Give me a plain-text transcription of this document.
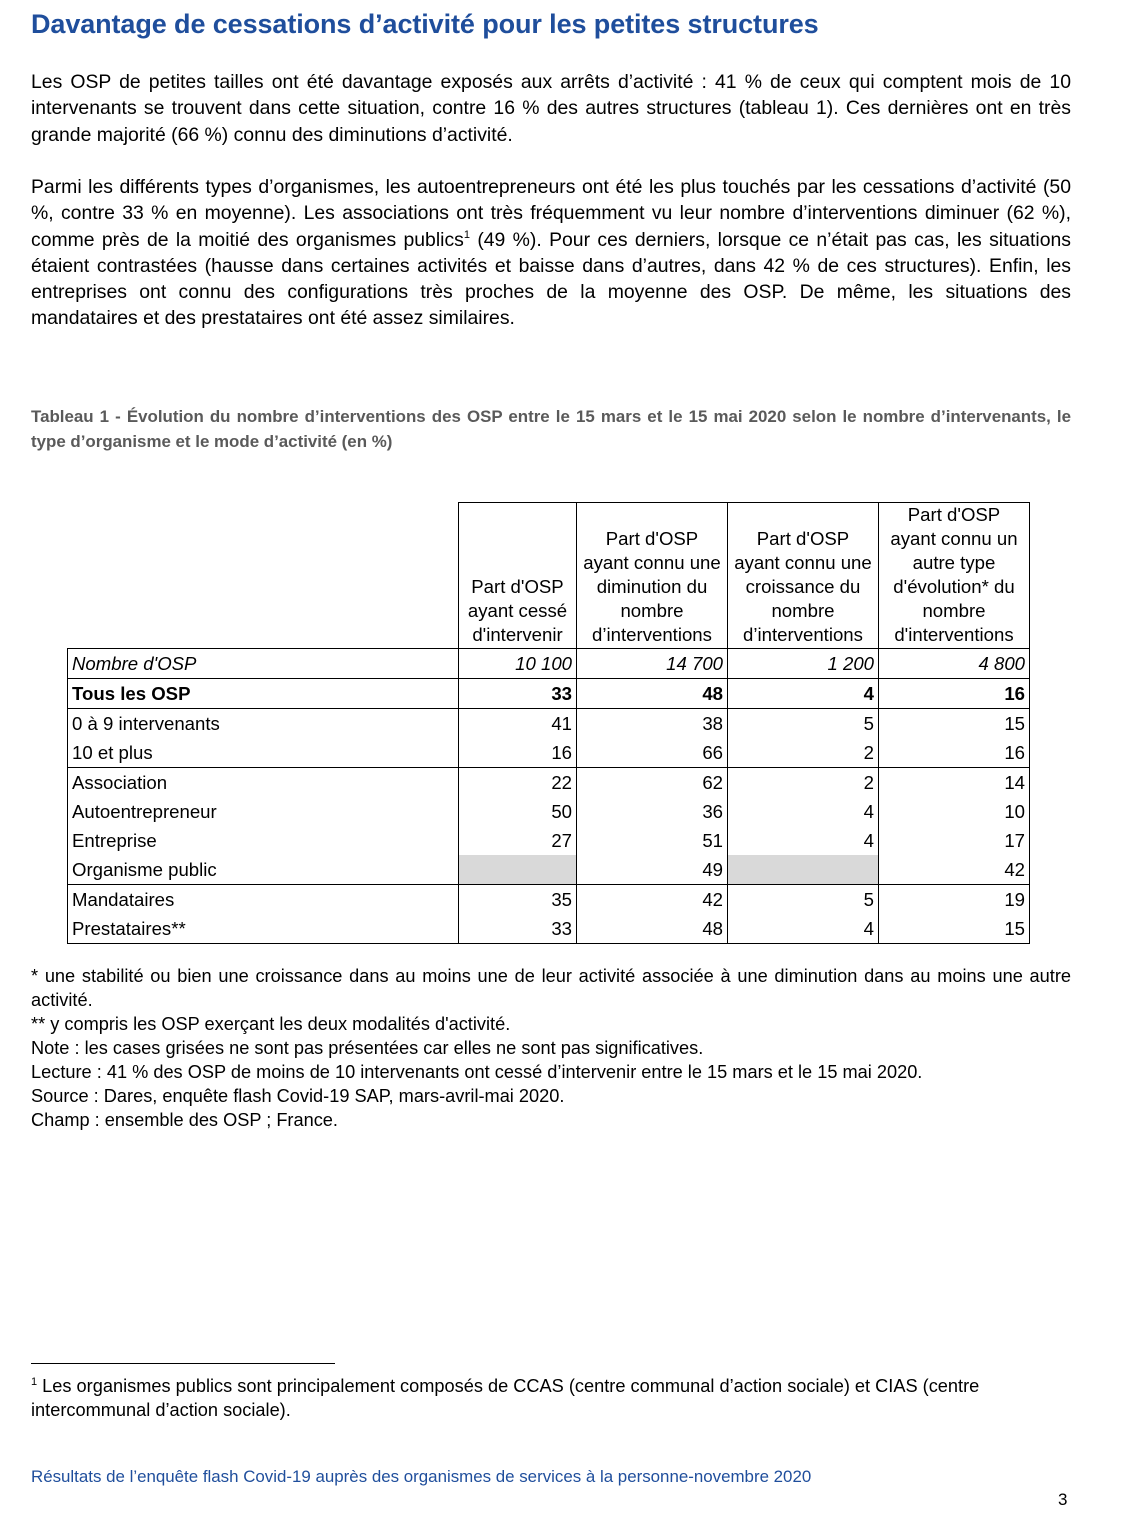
Davantage de cessations d’activité pour les petites structures

Les OSP de petites tailles ont été davantage exposés aux arrêts d’activité : 41 % de ceux qui comptent mois de 10 intervenants se trouvent dans cette situation, contre 16 % des autres structures (tableau 1). Ces dernières ont en très grande majorité (66 %) connu des diminutions d’activité.

Parmi les différents types d’organismes, les autoentrepreneurs ont été les plus touchés par les cessations d’activité (50 %, contre 33 % en moyenne). Les associations ont très fréquemment vu leur nombre d’interventions diminuer (62 %), comme près de la moitié des organismes publics$^1$ (49 %). Pour ces derniers, lorsque ce n’était pas cas, les situations étaient contrastées (hausse dans certaines activités et baisse dans d’autres, dans 42 % de ces structures). Enfin, les entreprises ont connu des configurations très proches de la moyenne des OSP. De même, les situations des mandataires et des prestataires ont été assez similaires.

Tableau 1 - Évolution du nombre d’interventions des OSP entre le 15 mars et le 15 mai 2020 selon le nombre d’intervenants, le type d’organisme et le mode d’activité (en %)

	Part d'OSP ayant cessé d'intervenir	Part d'OSP ayant connu une diminution du nombre d’interventions	Part d'OSP ayant connu une croissance du nombre d’interventions	Part d'OSP ayant connu un autre type d'évolution* du nombre d'interventions
Nombre d'OSP	10 100	14 700	1 200	4 800
Tous les OSP	33	48	4	16
0 à 9 intervenants	41	38	5	15
10 et plus	16	66	2	16
Association	22	62	2	14
Autoentrepreneur	50	36	4	10
Entreprise	27	51	4	17
Organisme public		49		42
Mandataires	35	42	5	19
Prestataires**	33	48	4	15
* une stabilité ou bien une croissance dans au moins une de leur activité associée à une diminution dans au moins une autre activité.
** y compris les OSP exerçant les deux modalités d'activité.
Note : les cases grisées ne sont pas présentées car elles ne sont pas significatives.
Lecture : 41 % des OSP de moins de 10 intervenants ont cessé d’intervenir entre le 15 mars et le 15 mai 2020.
Source : Dares, enquête flash Covid-19 SAP, mars-avril-mai 2020.
Champ : ensemble des OSP ; France.

$^1$ Les organismes publics sont principalement composés de CCAS (centre communal d’action sociale) et CIAS (centre intercommunal d’action sociale).

Résultats de l’enquête flash Covid-19 auprès des organismes de services à la personne-novembre 2020
3
